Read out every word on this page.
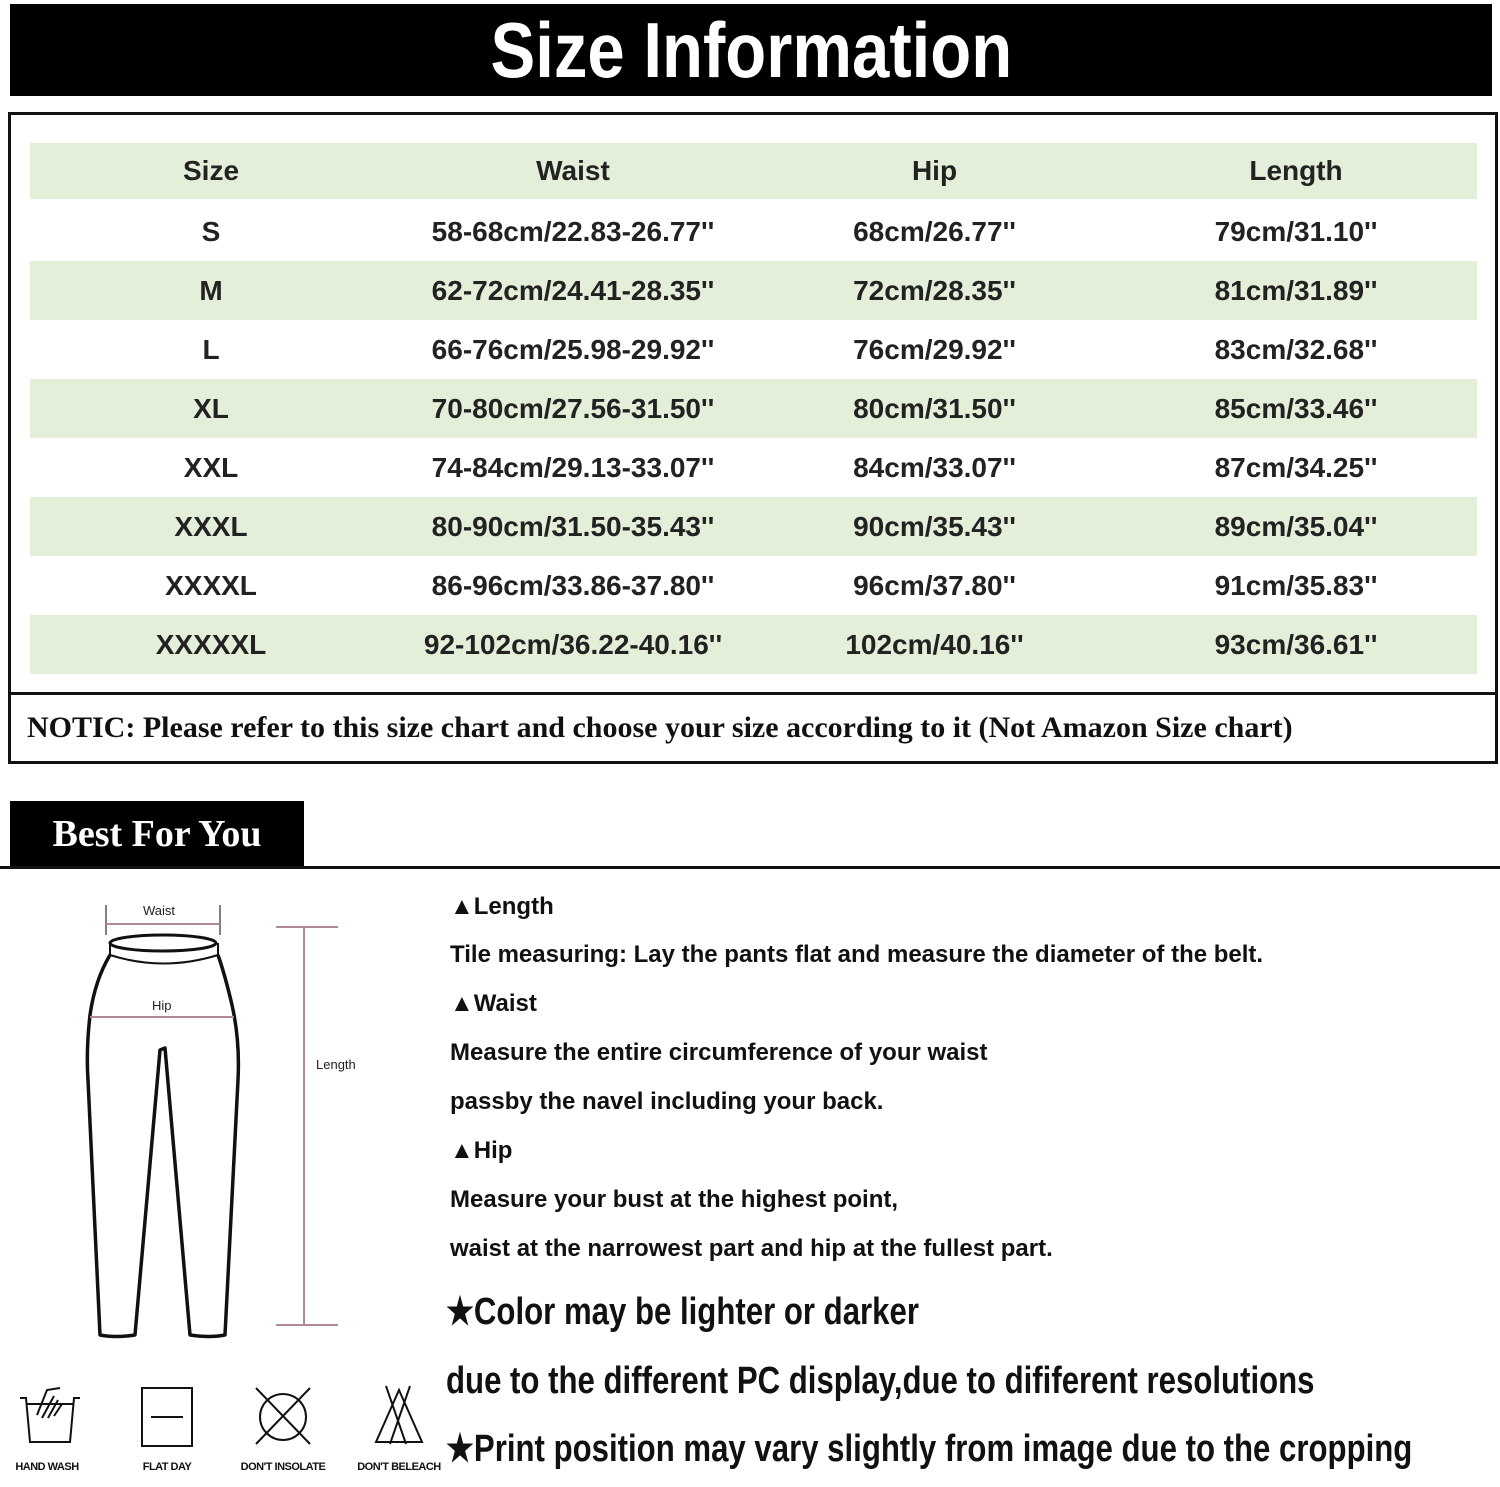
Size Information
Size	Waist	Hip	Length
S	58-68cm/22.83-26.77''	68cm/26.77''	79cm/31.10''
M	62-72cm/24.41-28.35''	72cm/28.35''	81cm/31.89''
L	66-76cm/25.98-29.92''	76cm/29.92''	83cm/32.68''
XL	70-80cm/27.56-31.50''	80cm/31.50''	85cm/33.46''
XXL	74-84cm/29.13-33.07''	84cm/33.07''	87cm/34.25''
XXXL	80-90cm/31.50-35.43''	90cm/35.43''	89cm/35.04''
XXXXL	86-96cm/33.86-37.80''	96cm/37.80''	91cm/35.83''
XXXXXL	92-102cm/36.22-40.16''	102cm/40.16''	93cm/36.61''
NOTIC: Please refer to this size chart and choose your size according to it (Not Amazon Size chart)
Best For You
Waist
Hip
Length
HAND WASH	FLAT DAY	DON'T INSOLATE	DON'T BELEACH
▲Length
Tile measuring: Lay the pants flat and measure the diameter of the belt.
▲Waist
Measure the entire circumference of your waist
passby the navel including your back.
▲Hip
Measure your bust at the highest point,
waist at the narrowest part and hip at the fullest part.
★Color may be lighter or darker
due to the different PC display,due to dififerent resolutions
★Print position may vary slightly from image due to the cropping
